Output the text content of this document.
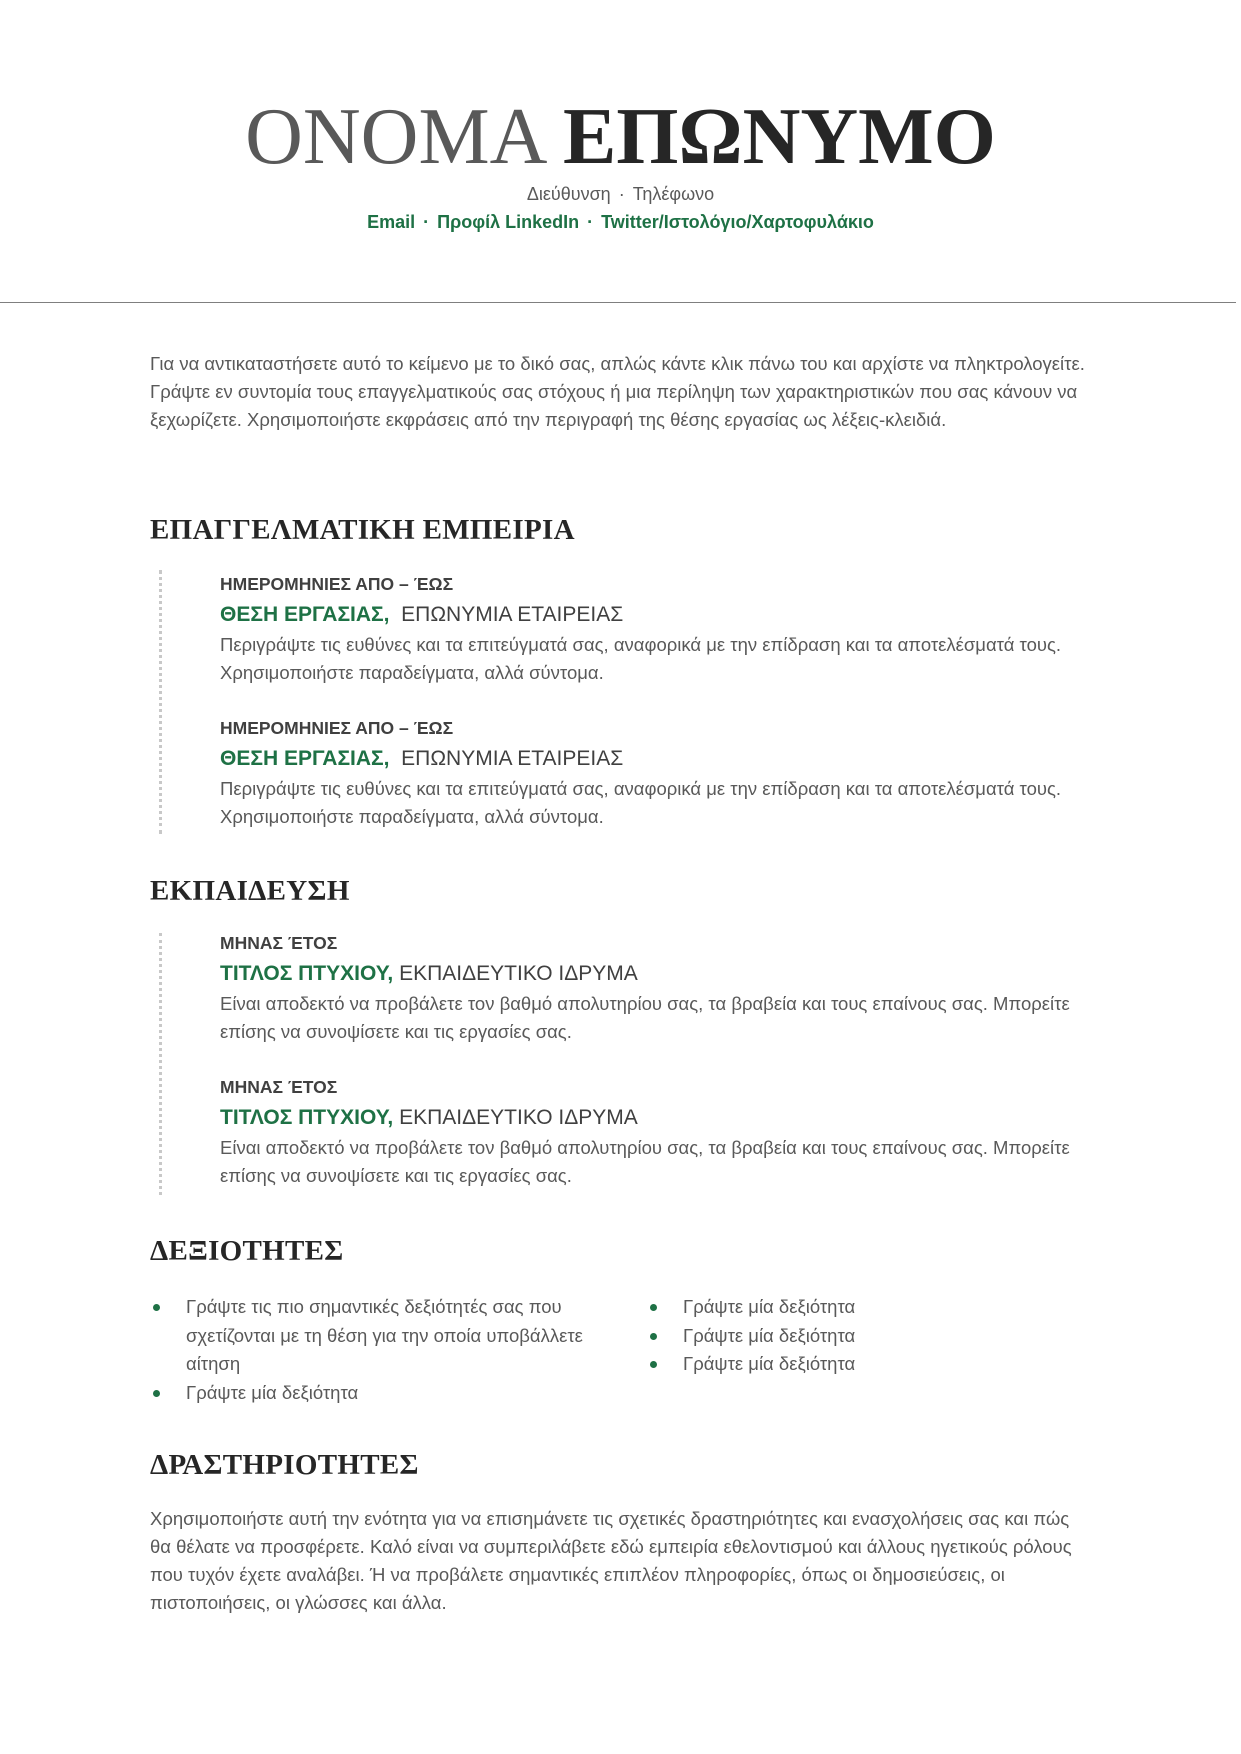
ΟΝΟΜΑ ΕΠΩΝΥΜΟ
Διεύθυνση · Τηλέφωνο
Email · Προφίλ LinkedIn · Twitter/Ιστολόγιο/Χαρτοφυλάκιο
Για να αντικαταστήσετε αυτό το κείμενο με το δικό σας, απλώς κάντε κλικ πάνω του και αρχίστε να πληκτρολογείτε. Γράψτε εν συντομία τους επαγγελματικούς σας στόχους ή μια περίληψη των χαρακτηριστικών που σας κάνουν να ξεχωρίζετε. Χρησιμοποιήστε εκφράσεις από την περιγραφή της θέσης εργασίας ως λέξεις-κλειδιά.
ΕΠΑΓΓΕΛΜΑΤΙΚΗ ΕΜΠΕΙΡΙΑ
ΗΜΕΡΟΜΗΝΙΕΣ ΑΠΟ – ΈΩΣ
ΘΕΣΗ ΕΡΓΑΣΙΑΣ, ΕΠΩΝΥΜΙΑ ΕΤΑΙΡΕΙΑΣ
Περιγράψτε τις ευθύνες και τα επιτεύγματά σας, αναφορικά με την επίδραση και τα αποτελέσματά τους. Χρησιμοποιήστε παραδείγματα, αλλά σύντομα.
ΗΜΕΡΟΜΗΝΙΕΣ ΑΠΟ – ΈΩΣ
ΘΕΣΗ ΕΡΓΑΣΙΑΣ, ΕΠΩΝΥΜΙΑ ΕΤΑΙΡΕΙΑΣ
Περιγράψτε τις ευθύνες και τα επιτεύγματά σας, αναφορικά με την επίδραση και τα αποτελέσματά τους. Χρησιμοποιήστε παραδείγματα, αλλά σύντομα.
ΕΚΠΑΙΔΕΥΣΗ
ΜΗΝΑΣ ΈΤΟΣ
ΤΙΤΛΟΣ ΠΤΥΧΙΟΥ, ΕΚΠΑΙΔΕΥΤΙΚΟ ΙΔΡΥΜΑ
Είναι αποδεκτό να προβάλετε τον βαθμό απολυτηρίου σας, τα βραβεία και τους επαίνους σας. Μπορείτε επίσης να συνοψίσετε και τις εργασίες σας.
ΜΗΝΑΣ ΈΤΟΣ
ΤΙΤΛΟΣ ΠΤΥΧΙΟΥ, ΕΚΠΑΙΔΕΥΤΙΚΟ ΙΔΡΥΜΑ
Είναι αποδεκτό να προβάλετε τον βαθμό απολυτηρίου σας, τα βραβεία και τους επαίνους σας. Μπορείτε επίσης να συνοψίσετε και τις εργασίες σας.
ΔΕΞΙΟΤΗΤΕΣ
Γράψτε τις πιο σημαντικές δεξιότητές σας που σχετίζονται με τη θέση για την οποία υποβάλλετε αίτηση
Γράψτε μία δεξιότητα
Γράψτε μία δεξιότητα
Γράψτε μία δεξιότητα
Γράψτε μία δεξιότητα
ΔΡΑΣΤΗΡΙΟΤΗΤΕΣ
Χρησιμοποιήστε αυτή την ενότητα για να επισημάνετε τις σχετικές δραστηριότητες και ενασχολήσεις σας και πώς θα θέλατε να προσφέρετε. Καλό είναι να συμπεριλάβετε εδώ εμπειρία εθελοντισμού και άλλους ηγετικούς ρόλους που τυχόν έχετε αναλάβει. Ή να προβάλετε σημαντικές επιπλέον πληροφορίες, όπως οι δημοσιεύσεις, οι πιστοποιήσεις, οι γλώσσες και άλλα.
